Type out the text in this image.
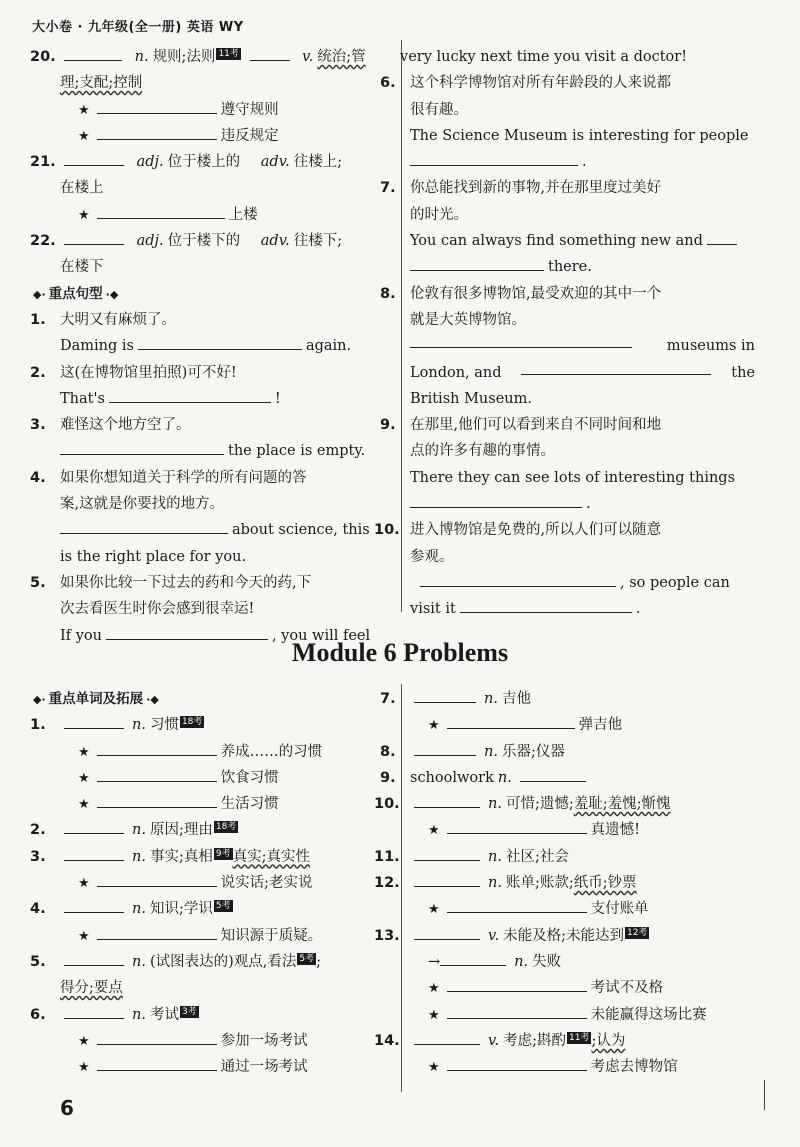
大小卷 · 九年级(全一册) 英语 WY
20.	n. 规则;法则 11考	v. 统治;管
理;支配;控制
★	遵守规则
★	违反规定
21.	adj. 位于楼上的 adv. 往楼上;
在楼上
★	上楼
22.	adj. 位于楼下的 adv. 往楼下;
在楼下
◆· 重点句型 ·◆
1. 大明又有麻烦了。
Daming is	again.
2. 这(在博物馆里拍照)可不好!
That's	!
3. 难怪这个地方空了。
the place is empty.
4. 如果你想知道关于科学的所有问题的答
案,这就是你要找的地方。
about science, this
is the right place for you.
5. 如果你比较一下过去的药和今天的药,下
次去看医生时你会感到很幸运!
If you	, you will feel
very lucky next time you visit a doctor!
6. 这个科学博物馆对所有年龄段的人来说都
很有趣。
The Science Museum is interesting for people
.
7. 你总能找到新的事物,并在那里度过美好
的时光。
You can always find something new and
there.
8. 伦敦有很多博物馆,最受欢迎的其中一个
就是大英博物馆。
museums in
London, and	the
British Museum.
9. 在那里,他们可以看到来自不同时间和地
点的许多有趣的事情。
There they can see lots of interesting things
.
10. 进入博物馆是免费的,所以人们可以随意
参观。
, so people can
visit it	.
Module 6 Problems
◆· 重点单词及拓展 ·◆
1.	n. 习惯 18考
★	养成……的习惯
★	饮食习惯
★	生活习惯
2.	n. 原因;理由 18考
3.	n. 事实;真相 9考 真实;真实性
★	说实话;老实说
4.	n. 知识;学识 5考
★	知识源于质疑。
5.	n. (试图表达的)观点,看法 5考 ;
得分;要点
6.	n. 考试 3考
★	参加一场考试
★	通过一场考试
7.	n. 吉他
★	弹吉他
8.	n. 乐器;仪器
9. schoolwork n.
10.	n. 可惜;遗憾;羞耻;羞愧;惭愧
★	真遗憾!
11.	n. 社区;社会
12.	n. 账单;账款;纸币;钞票
★	支付账单
13.	v. 未能及格;未能达到 12考
→	n. 失败
★	考试不及格
★	未能赢得这场比赛
14.	v. 考虑;斟酌 11考 ;认为
★	考虑去博物馆
6
